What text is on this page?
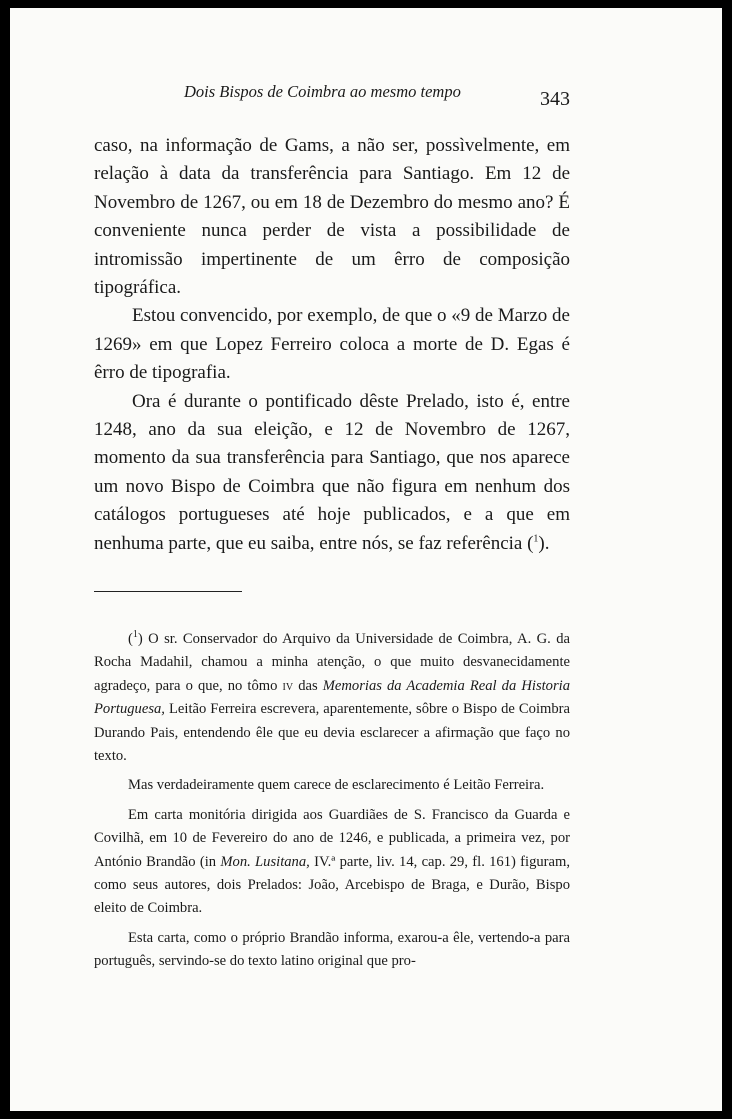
Dois Bispos de Coimbra ao mesmo tempo	343

caso, na informação de Gams, a não ser, possìvelmente, em relação à data da transferência para Santiago. Em 12 de Novembro de 1267, ou em 18 de Dezembro do mesmo ano? É conveniente nunca perder de vista a possibilidade de intromissão impertinente de um êrro de composição tipográfica.

Estou convencido, por exemplo, de que o «9 de Marzo de 1269» em que Lopez Ferreiro coloca a morte de D. Egas é êrro de tipografia.

Ora é durante o pontificado dêste Prelado, isto é, entre 1248, ano da sua eleição, e 12 de Novembro de 1267, momento da sua transferência para Santiago, que nos aparece um novo Bispo de Coimbra que não figura em nenhum dos catálogos portugueses até hoje publicados, e a que em nenhuma parte, que eu saiba, entre nós, se faz referência ($^1$).

($^1$) O sr. Conservador do Arquivo da Universidade de Coimbra, A. G. da Rocha Madahil, chamou a minha atenção, o que muito desvanecidamente agradeço, para o que, no tômo iv das Memorias da Academia Real da Historia Portuguesa, Leitão Ferreira escrevera, aparentemente, sôbre o Bispo de Coimbra Durando Pais, entendendo êle que eu devia esclarecer a afirmação que faço no texto.

Mas verdadeiramente quem carece de esclarecimento é Leitão Ferreira.

Em carta monitória dirigida aos Guardiães de S. Francisco da Guarda e Covilhã, em 10 de Fevereiro do ano de 1246, e publicada, a primeira vez, por António Brandão (in Mon. Lusitana, IV.ª parte, liv. 14, cap. 29, fl. 161) figuram, como seus autores, dois Prelados: João, Arcebispo de Braga, e Durão, Bispo eleito de Coimbra.

Esta carta, como o próprio Brandão informa, exarou-a êle, vertendo-a para português, servindo-se do texto latino original que pro-
